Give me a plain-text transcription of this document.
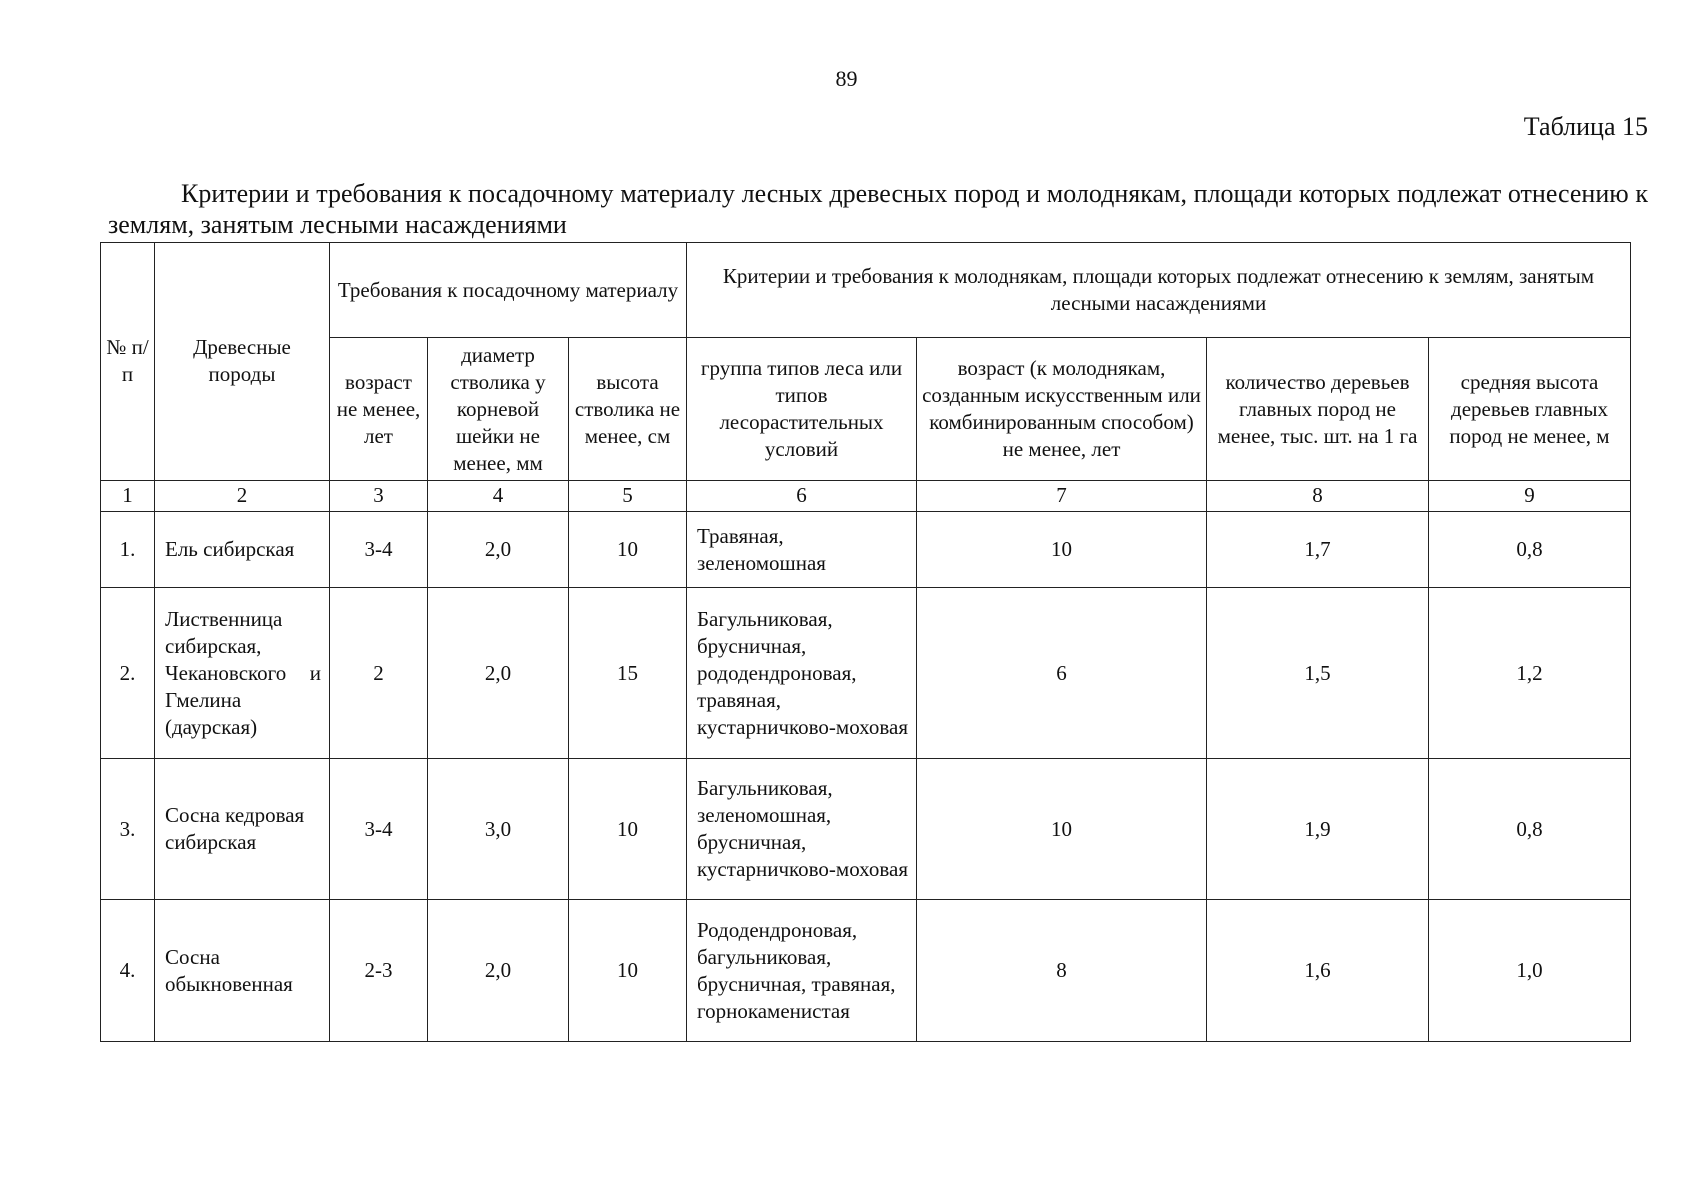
89
Таблица 15
Критерии и требования к посадочному материалу лесных древесных пород и молоднякам, площади которых подлежат отнесению к землям, занятым лесными насаждениями
№ п/п	Древесные породы	Требования к посадочному материалу			Критерии и требования к молоднякам, площади которых подлежат отнесению к землям, занятым лесными насаждениями			
		возраст не менее, лет	диаметр стволика у корневой шейки не менее, мм	высота стволика не менее, см	группа типов леса или типов лесорастительных условий	возраст (к молоднякам, созданным искусственным или комбинированным способом) не менее, лет	количество деревьев главных пород не менее, тыс. шт. на 1 га	средняя высота деревьев главных пород не менее, м
1	2	3	4	5	6	7	8	9
1.	Ель сибирская	3-4	2,0	10	Травяная, зеленомошная	10	1,7	0,8
2.	Лиственница сибирская, Чекановского и Гмелина (даурская)	2	2,0	15	Багульниковая, брусничная, рододендроновая, травяная, кустарничково-моховая	6	1,5	1,2
3.	Сосна кедровая сибирская	3-4	3,0	10	Багульниковая, зеленомошная, брусничная, кустарничково-моховая	10	1,9	0,8
4.	Сосна обыкновенная	2-3	2,0	10	Рододендроновая, багульниковая, брусничная, травяная, горнокаменистая	8	1,6	1,0
